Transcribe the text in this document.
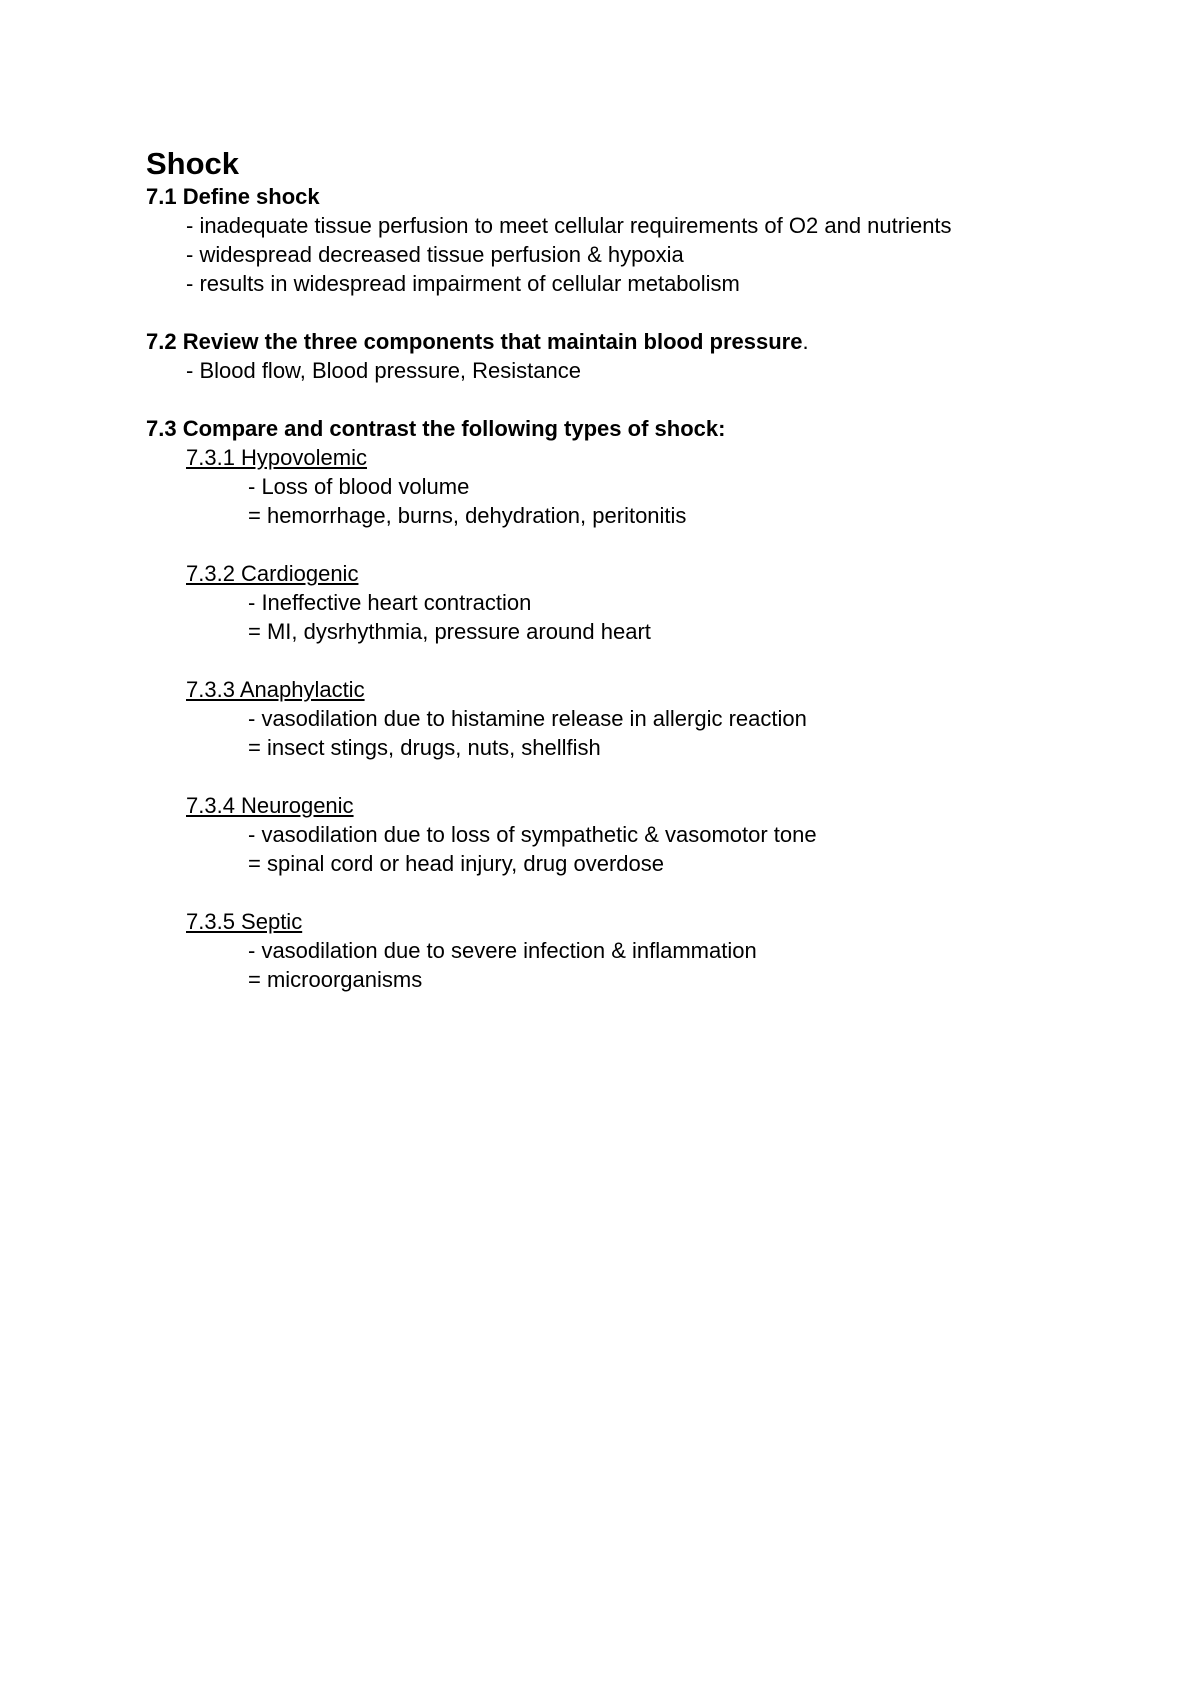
Shock
7.1 Define shock
- inadequate tissue perfusion to meet cellular requirements of O2 and nutrients
- widespread decreased tissue perfusion & hypoxia
- results in widespread impairment of cellular metabolism
7.2 Review the three components that maintain blood pressure.
- Blood flow, Blood pressure, Resistance
7.3 Compare and contrast the following types of shock:
7.3.1 Hypovolemic
- Loss of blood volume
= hemorrhage, burns, dehydration, peritonitis
7.3.2 Cardiogenic
- Ineffective heart contraction
= MI, dysrhythmia, pressure around heart
7.3.3 Anaphylactic
- vasodilation due to histamine release in allergic reaction
= insect stings, drugs, nuts, shellfish
7.3.4 Neurogenic
- vasodilation due to loss of sympathetic & vasomotor tone
= spinal cord or head injury, drug overdose
7.3.5 Septic
- vasodilation due to severe infection & inflammation
= microorganisms
